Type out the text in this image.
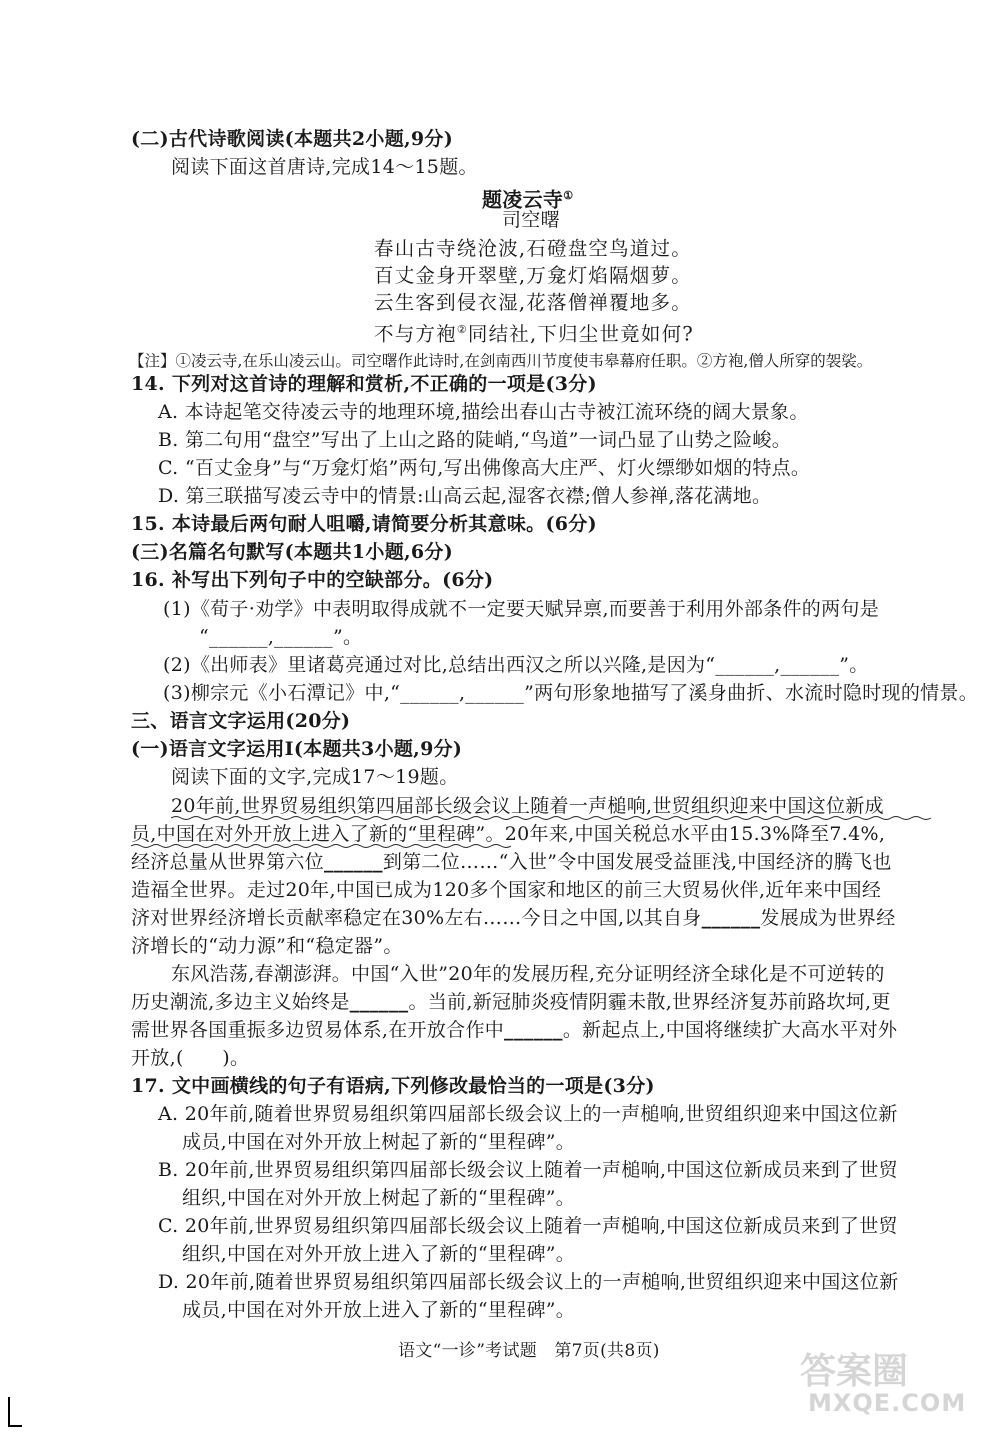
(二)古代诗歌阅读(本题共2小题,9分)
阅读下面这首唐诗,完成14～15题。
题凌云寺①
司空曙
春山古寺绕沧波,石磴盘空鸟道过。
百丈金身开翠壁,万龛灯焰隔烟萝。
云生客到侵衣湿,花落僧禅覆地多。
不与方袍②同结社,下归尘世竟如何?
【注】①凌云寺,在乐山凌云山。司空曙作此诗时,在剑南西川节度使韦皋幕府任职。②方袍,僧人所穿的袈裟。
14. 下列对这首诗的理解和赏析,不正确的一项是(3分)
A. 本诗起笔交待凌云寺的地理环境,描绘出春山古寺被江流环绕的阔大景象。
B. 第二句用“盘空”写出了上山之路的陡峭,“鸟道”一词凸显了山势之险峻。
C. “百丈金身”与“万龛灯焰”两句,写出佛像高大庄严、灯火缥缈如烟的特点。
D. 第三联描写凌云寺中的情景:山高云起,湿客衣襟;僧人参禅,落花满地。
15. 本诗最后两句耐人咀嚼,请简要分析其意味。(6分)
(三)名篇名句默写(本题共1小题,6分)
16. 补写出下列句子中的空缺部分。(6分)
(1)《荀子·劝学》中表明取得成就不一定要天赋异禀,而要善于利用外部条件的两句是
“______,______”。
(2)《出师表》里诸葛亮通过对比,总结出西汉之所以兴隆,是因为“______,______”。
(3)柳宗元《小石潭记》中,“______,______”两句形象地描写了溪身曲折、水流时隐时现的情景。
三、语言文字运用(20分)
(一)语言文字运用Ⅰ(本题共3小题,9分)
阅读下面的文字,完成17～19题。
20年前,世界贸易组织第四届部长级会议上随着一声槌响,世贸组织迎来中国这位新成
员,中国在对外开放上进入了新的“里程碑”。20年来,中国关税总水平由15.3%降至7.4%,
经济总量从世界第六位______到第二位……“入世”令中国发展受益匪浅,中国经济的腾飞也
造福全世界。走过20年,中国已成为120多个国家和地区的前三大贸易伙伴,近年来中国经
济对世界经济增长贡献率稳定在30%左右……今日之中国,以其自身______发展成为世界经
济增长的“动力源”和“稳定器”。
东风浩荡,春潮澎湃。中国“入世”20年的发展历程,充分证明经济全球化是不可逆转的
历史潮流,多边主义始终是______。当前,新冠肺炎疫情阴霾未散,世界经济复苏前路坎坷,更
需世界各国重振多边贸易体系,在开放合作中______。新起点上,中国将继续扩大高水平对外
开放,(　　)。
17. 文中画横线的句子有语病,下列修改最恰当的一项是(3分)
A. 20年前,随着世界贸易组织第四届部长级会议上的一声槌响,世贸组织迎来中国这位新
成员,中国在对外开放上树起了新的“里程碑”。
B. 20年前,世界贸易组织第四届部长级会议上随着一声槌响,中国这位新成员来到了世贸
组织,中国在对外开放上树起了新的“里程碑”。
C. 20年前,世界贸易组织第四届部长级会议上随着一声槌响,中国这位新成员来到了世贸
组织,中国在对外开放上进入了新的“里程碑”。
D. 20年前,随着世界贸易组织第四届部长级会议上的一声槌响,世贸组织迎来中国这位新
成员,中国在对外开放上进入了新的“里程碑”。
语文“一诊”考试题　第7页(共8页)	答案圈
MXQE.COM
